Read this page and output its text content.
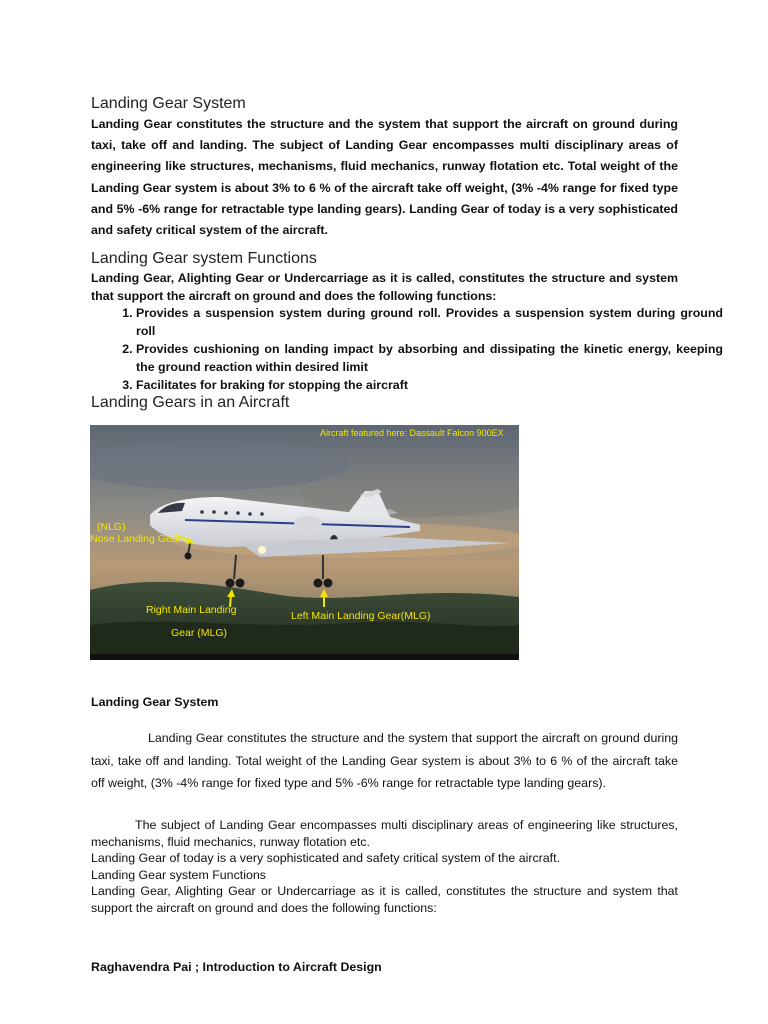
Landing Gear System
Landing Gear constitutes the structure and the system that support the aircraft on ground during taxi, take off and landing. The subject of Landing Gear encompasses multi disciplinary areas of engineering like structures, mechanisms, fluid mechanics, runway flotation etc. Total weight of the Landing Gear system is about 3% to 6 % of the aircraft take off weight, (3% -4% range for fixed type and 5% -6% range for retractable type landing gears). Landing Gear of today is a very sophisticated and safety critical system of the aircraft.
Landing Gear system Functions
Landing Gear, Alighting Gear or Undercarriage as it is called, constitutes the structure and system that support the aircraft on ground and does the following functions:
1. Provides a suspension system during ground roll. Provides a suspension system during ground roll
2. Provides cushioning on landing impact by absorbing and dissipating the kinetic energy, keeping the ground reaction within desired limit
3. Facilitates for braking for stopping the aircraft
Landing Gears in an Aircraft
Aircraft featured here: Dassault Falcon 900EX
(NLG)
Nose Landing Gear
Right Main Landing
Gear (MLG)
Left Main Landing Gear(MLG)
Landing Gear System

Landing Gear constitutes the structure and the system that support the aircraft on ground during taxi, take off and landing. Total weight of the Landing Gear system is about 3% to 6 % of the aircraft take off weight, (3% -4% range for fixed type and 5% -6% range for retractable type landing gears).

The subject of Landing Gear encompasses multi disciplinary areas of engineering like structures, mechanisms, fluid mechanics, runway flotation etc.

Landing Gear of today is a very sophisticated and safety critical system of the aircraft.

Landing Gear system Functions

Landing Gear, Alighting Gear or Undercarriage as it is called, constitutes the structure and system that support the aircraft on ground and does the following functions:

Raghavendra Pai ; Introduction to Aircraft Design
